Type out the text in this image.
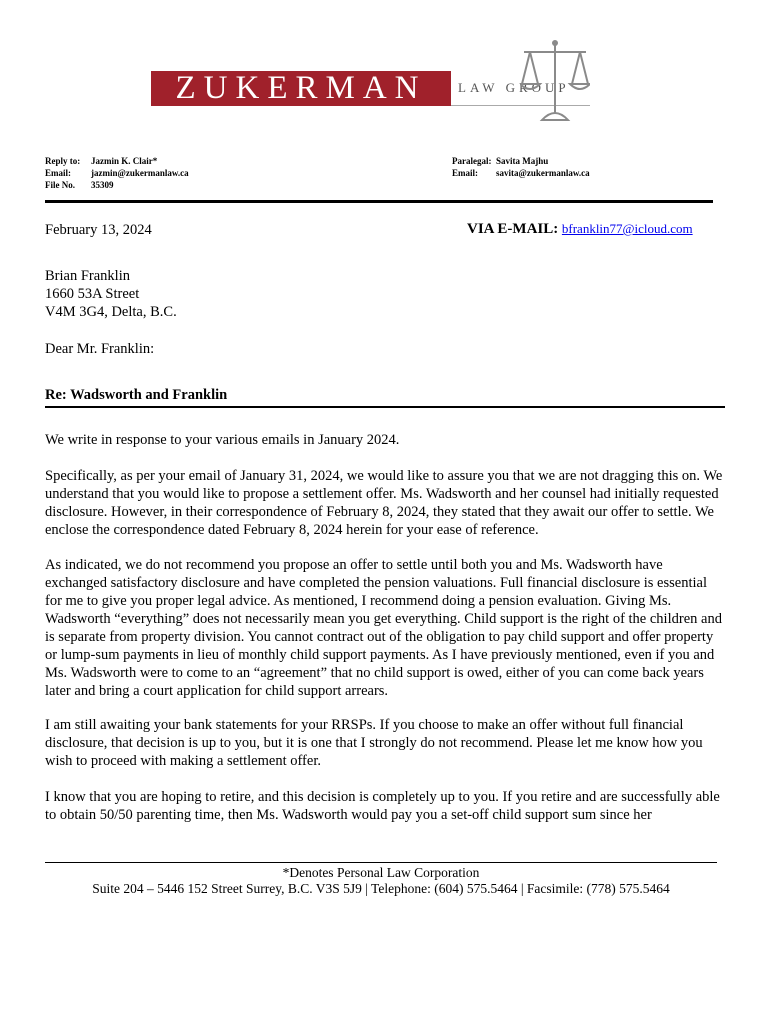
ZUKERMAN	LAW GROUP
Reply to:	Jazmin K. Clair*
Email:	jazmin@zukermanlaw.ca
File No.	35309
Paralegal: Savita Majhu
Email:	savita@zukermanlaw.ca
February 13, 2024	VIA E-MAIL: bfranklin77@icloud.com
Brian Franklin
1660 53A Street
V4M 3G4, Delta, B.C.
Dear Mr. Franklin:
Re: Wadsworth and Franklin

We write in response to your various emails in January 2024.

Specifically, as per your email of January 31, 2024, we would like to assure you that we are not dragging this on. We understand that you would like to propose a settlement offer. Ms. Wadsworth and her counsel had initially requested disclosure. However, in their correspondence of February 8, 2024, they stated that they await our offer to settle. We enclose the correspondence dated February 8, 2024 herein for your ease of reference.

As indicated, we do not recommend you propose an offer to settle until both you and Ms. Wadsworth have exchanged satisfactory disclosure and have completed the pension valuations. Full financial disclosure is essential for me to give you proper legal advice. As mentioned, I recommend doing a pension evaluation. Giving Ms. Wadsworth “everything” does not necessarily mean you get everything. Child support is the right of the children and is separate from property division. You cannot contract out of the obligation to pay child support and offer property or lump-sum payments in lieu of monthly child support payments. As I have previously mentioned, even if you and Ms. Wadsworth were to come to an “agreement” that no child support is owed, either of you can come back years later and bring a court application for child support arrears.

I am still awaiting your bank statements for your RRSPs. If you choose to make an offer without full financial disclosure, that decision is up to you, but it is one that I strongly do not recommend. Please let me know how you wish to proceed with making a settlement offer.

I know that you are hoping to retire, and this decision is completely up to you. If you retire and are successfully able to obtain 50/50 parenting time, then Ms. Wadsworth would pay you a set-off child support sum since her

*Denotes Personal Law Corporation
Suite 204 – 5446 152 Street Surrey, B.C. V3S 5J9 | Telephone: (604) 575.5464 | Facsimile: (778) 575.5464
